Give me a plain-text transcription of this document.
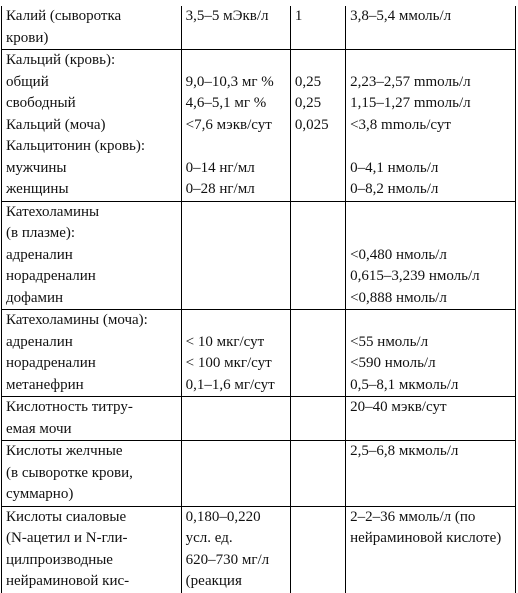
Калий (сыворотка
крови)	3,5–5 мЭкв/л	1	3,8–5,4 ммоль/л

Кальций (кровь):			

общий	9,0–10,3 мг %	0,25	2,23–2,57 mmoль/л

свободный	4,6–5,1 мг %	0,25	1,15–1,27 mmoль/л

Кальций (моча)	<7,6 мэкв/сут	0,025	<3,8 mmoль/сут

Кальцитонин (кровь):			

мужчины	0–14 нг/мл		0–4,1 нмоль/л

женщины	0–28 нг/мл		0–8,2 нмоль/л

Катехоламины
(в плазме):			

адреналин			<0,480 нмоль/л

норадреналин			0,615–3,239 нмоль/л

дофамин			<0,888 нмоль/л

Катехоламины (моча):			

адреналин	< 10 мкг/сут		<55 нмоль/л

норадреналин	< 100 мкг/сут		<590 нмоль/л

метанефрин	0,1–1,6 мг/сут		0,5–8,1 мкмоль/л

Кислотность титру-
емая мочи			20–40 мэкв/сут

Кислоты желчные
(в сыворотке крови,
суммарно)			2,5–6,8 мкмоль/л

Кислоты сиаловые
(N-ацетил и N-гли-
цилпроизводные
нейраминовой кис-	0,180–0,220
усл. ед.
620–730 мг/л
(реакция		2–2–36 ммоль/л (по
нейраминовой кислоте)
